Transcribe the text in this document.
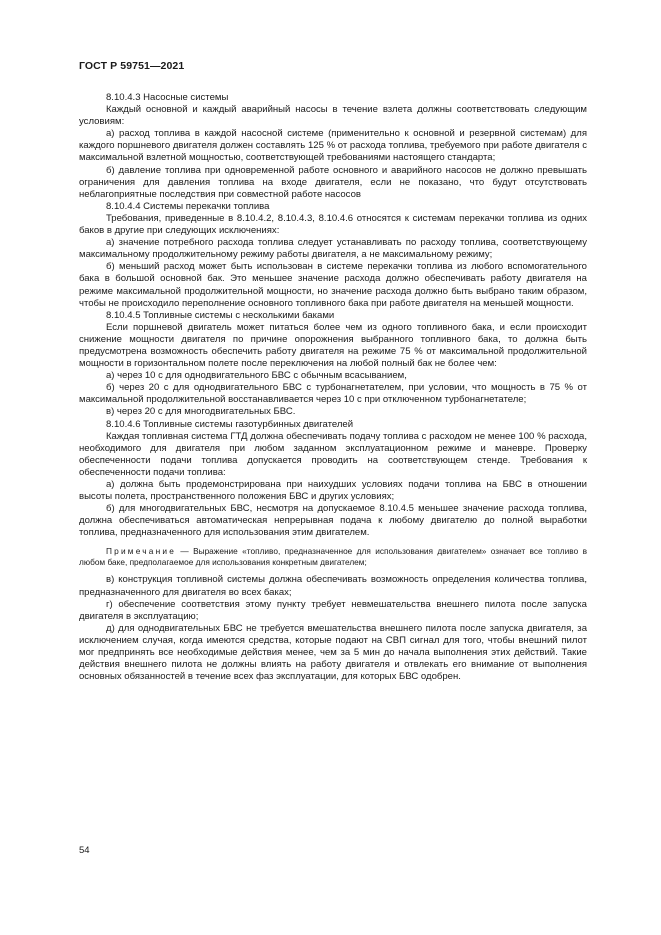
ГОСТ Р 59751—2021

8.10.4.3 Насосные системы

Каждый основной и каждый аварийный насосы в течение взлета должны соответствовать следующим условиям:

а) расход топлива в каждой насосной системе (применительно к основной и резервной системам) для каждого поршневого двигателя должен составлять 125 % от расхода топлива, требуемого при работе двигателя с максимальной взлетной мощностью, соответствующей требованиями настоящего стандарта;

б) давление топлива при одновременной работе основного и аварийного насосов не должно превышать ограничения для давления топлива на входе двигателя, если не показано, что будут отсутствовать неблагоприятные последствия при совместной работе насосов

8.10.4.4 Системы перекачки топлива

Требования, приведенные в 8.10.4.2, 8.10.4.3, 8.10.4.6 относятся к системам перекачки топлива из одних баков в другие при следующих исключениях:

а) значение потребного расхода топлива следует устанавливать по расходу топлива, соответствующему максимальному продолжительному режиму работы двигателя, а не максимальному режиму;

б) меньший расход может быть использован в системе перекачки топлива из любого вспомогательного бака в большой основной бак. Это меньшее значение расхода должно обеспечивать работу двигателя на режиме максимальной продолжительной мощности, но значение расхода должно быть выбрано таким образом, чтобы не происходило переполнение основного топливного бака при работе двигателя на меньшей мощности.

8.10.4.5 Топливные системы с несколькими баками

Если поршневой двигатель может питаться более чем из одного топливного бака, и если происходит снижение мощности двигателя по причине опорожнения выбранного топливного бака, то должна быть предусмотрена возможность обеспечить работу двигателя на режиме 75 % от максимальной продолжительной мощности в горизонтальном полете после переключения на любой полный бак не более чем:

а) через 10 с для однодвигательного БВС с обычным всасыванием,

б) через 20 с для однодвигательного БВС с турбонагнетателем, при условии, что мощность в 75 % от максимальной продолжительной восстанавливается через 10 с при отключенном турбонагнетателе;

в) через 20 с для многодвигательных БВС.

8.10.4.6 Топливные системы газотурбинных двигателей

Каждая топливная система ГТД должна обеспечивать подачу топлива с расходом не менее 100 % расхода, необходимого для двигателя при любом заданном эксплуатационном режиме и маневре. Проверку обеспеченности подачи топлива допускается проводить на соответствующем стенде. Требования к обеспеченности подачи топлива:

а) должна быть продемонстрирована при наихудших условиях подачи топлива на БВС в отношении высоты полета, пространственного положения БВС и других условиях;

б) для многодвигательных БВС, несмотря на допускаемое 8.10.4.5 меньшее значение расхода топлива, должна обеспечиваться автоматическая непрерывная подача к любому двигателю до полной выработки топлива, предназначенного для использования этим двигателем.

Примечание — Выражение «топливо, предназначенное для использования двигателем» означает все топливо в любом баке, предполагаемое для использования конкретным двигателем;

в) конструкция топливной системы должна обеспечивать возможность определения количества топлива, предназначенного для двигателя во всех баках;

г) обеспечение соответствия этому пункту требует невмешательства внешнего пилота после запуска двигателя в эксплуатацию;

д) для однодвигательных БВС не требуется вмешательства внешнего пилота после запуска двигателя, за исключением случая, когда имеются средства, которые подают на СВП сигнал для того, чтобы внешний пилот мог предпринять все необходимые действия менее, чем за 5 мин до начала выполнения этих действий. Такие действия внешнего пилота не должны влиять на работу двигателя и отвлекать его внимание от выполнения основных обязанностей в течение всех фаз эксплуатации, для которых БВС одобрен.

54
